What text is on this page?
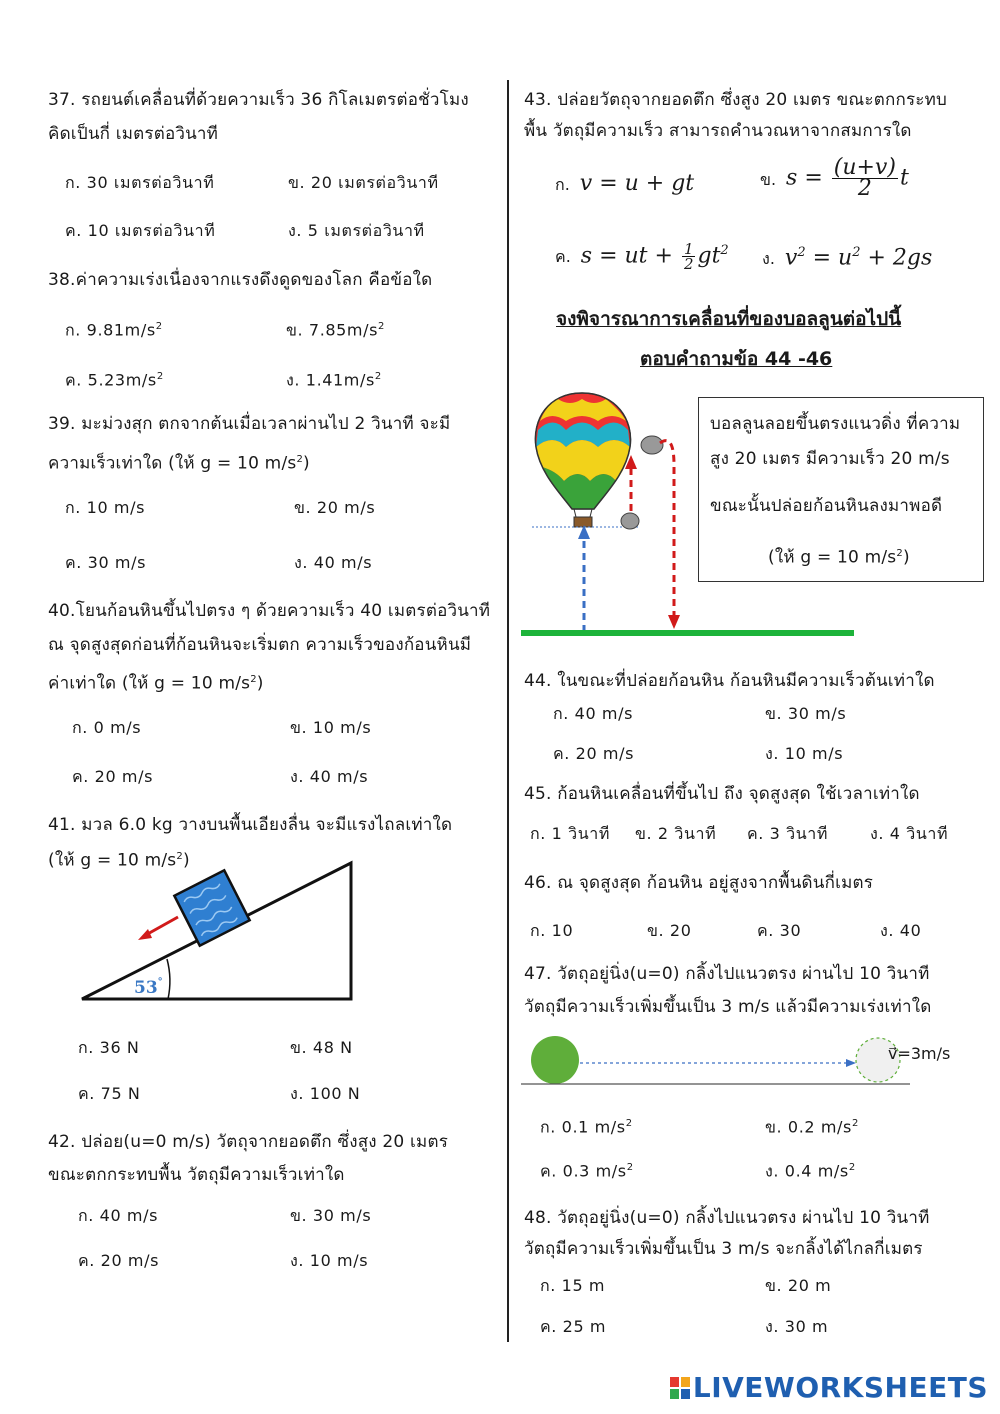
37. รถยนต์เคลื่อนที่ด้วยความเร็ว 36 กิโลเมตรต่อชั่วโมง
คิดเป็นกี่ เมตรต่อวินาที
ก. 30 เมตรต่อวินาที	ข. 20 เมตรต่อวินาที
ค. 10 เมตรต่อวินาที	ง. 5 เมตรต่อวินาที
38.ค่าความเร่งเนื่องจากแรงดึงดูดของโลก คือข้อใด
ก. $9.81m/s^2$	ข. $7.85m/s^2$
ค. $5.23m/s^2$	ง. $1.41m/s^2$
39. มะม่วงสุก ตกจากต้นเมื่อเวลาผ่านไป 2 วินาที จะมี
ความเร็วเท่าใด (ให้ g = 10 $m/s^2$)
ก. 10 m/s	ข. 20 m/s
ค. 30 m/s	ง. 40 m/s
40.โยนก้อนหินขึ้นไปตรง ๆ ด้วยความเร็ว 40 เมตรต่อวินาที
ณ จุดสูงสุดก่อนที่ก้อนหินจะเริ่มตก ความเร็วของก้อนหินมี
ค่าเท่าใด (ให้ g = 10 $m/s^2$)
ก. 0 m/s	ข. 10 m/s
ค. 20 m/s	ง. 40 m/s
41. มวล 6.0 kg วางบนพื้นเอียงลื่น จะมีแรงไถลเท่าใด
(ให้ g = 10 $m/s^2$)
53°
ก. 36 N	ข. 48 N
ค. 75 N	ง. 100 N
42. ปล่อย(u=0 m/s) วัตถุจากยอดตึก ซึ่งสูง 20 เมตร
ขณะตกกระทบพื้น วัตถุมีความเร็วเท่าใด
ก. 40 m/s	ข. 30 m/s
ค. 20 m/s	ง. 10 m/s
43. ปล่อยวัตถุจากยอดตึก ซึ่งสูง 20 เมตร ขณะตกกระทบ
พื้น วัตถุมีความเร็ว สามารถคำนวณหาจากสมการใด
ก. v = u + gt	ข. $s = \frac{(u+v)}{2}$ t
ค. s = ut + $\frac{1}{2} gt^2$ ง. $v^2 = u^2 + 2gs$
จงพิจารณาการเคลื่อนที่ของบอลลูนต่อไปนี้
ตอบคำถามข้อ 44 -46
บอลลูนลอยขึ้นตรงแนวดิ่ง ที่ความ
สูง 20 เมตร มีความเร็ว 20 m/s
ขณะนั้นปล่อยก้อนหินลงมาพอดี
(ให้ g = 10 $m/s^2$)
44. ในขณะที่ปล่อยก้อนหิน ก้อนหินมีความเร็วต้นเท่าใด
ก. 40 m/s	ข. 30 m/s
ค. 20 m/s	ง. 10 m/s
45. ก้อนหินเคลื่อนที่ขึ้นไป ถึง จุดสูงสุด ใช้เวลาเท่าใด
ก. 1 วินาที ข. 2 วินาที ค. 3 วินาที	ง. 4 วินาที
46. ณ จุดสูงสุด ก้อนหิน อยู่สูงจากพื้นดินกี่เมตร
ก. 10	ข. 20	ค. 30	ง. 40
47. วัตถุอยู่นิ่ง(u=0) กลิ้งไปแนวตรง ผ่านไป 10 วินาที
วัตถุมีความเร็วเพิ่มขึ้นเป็น 3 m/s แล้วมีความเร่งเท่าใด
v⃗=3m/s
ก. 0.1 $m/s^2$	ข. 0.2 $m/s^2$
ค. 0.3 $m/s^2$	ง. 0.4 $m/s^2$
48. วัตถุอยู่นิ่ง(u=0) กลิ้งไปแนวตรง ผ่านไป 10 วินาที
วัตถุมีความเร็วเพิ่มขึ้นเป็น 3 m/s จะกลิ้งได้ไกลกี่เมตร
ก. 15 m	ข. 20 m
ค. 25 m	ง. 30 m
LIVEWORKSHEETS
